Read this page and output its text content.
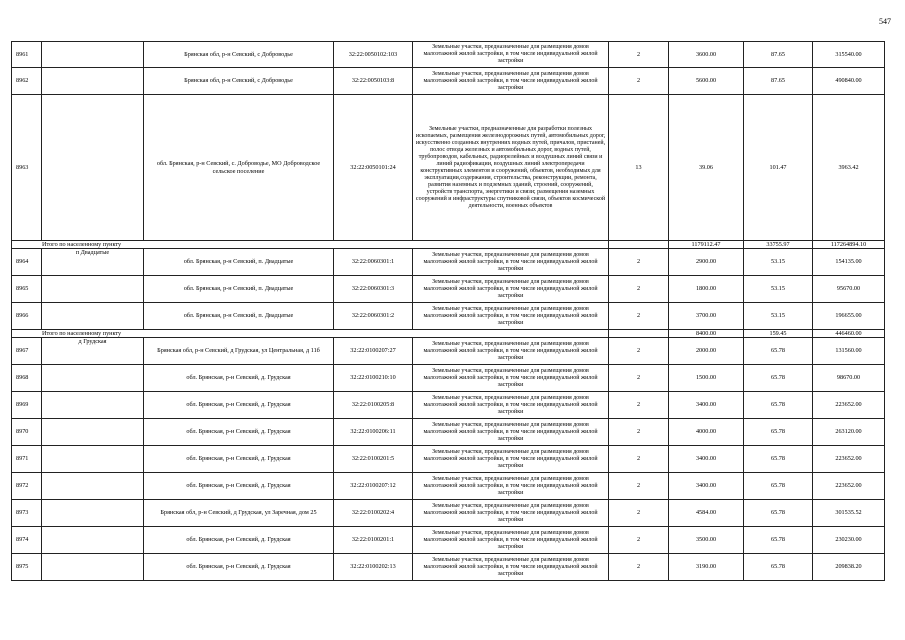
547
8961		Брянская обл, р-н Севский, с Доброводье	32:22:0050102:103	Земельные участки, предназначенные для размещения домов малоэтажной жилой застройки, в том числе индивидуальной жилой застройки	2	3600.00	87.65	315540.00
8962		Брянская обл, р-н Севский, с Доброводье	32:22:0050103:8	Земельные участки, предназначенные для размещения домов малоэтажной жилой застройки, в том числе индивидуальной жилой застройки	2	5600.00	87.65	490840.00
8963		обл. Брянская, р-н Севский, с. Доброводье, МО Доброводское сельское поселение	32:22:0050101:24	Земельные участки, предназначенные для разработки полезных ископаемых, размещения железнодорожных путей, автомобильных дорог, искусственно созданных внутренних водных путей, причалов, пристаней, полос отвода железных и автомобильных дорог, водных путей, трубопроводов, кабельных, радиорелейных и воздушных линий связи и линий радиофикации, воздушных линий электропередачи конструктивных элементов и сооружений, объектов, необходимых для эксплуатации,содержания, строительства, реконструкции, ремонта, развития наземных и подземных зданий, строений, сооружений, устройств транспорта, энергетики и связи; размещения наземных сооружений и инфраструктуры спутниковой связи, объектов космической деятельности, военных объектов	13	39.06	101.47	3963.42
Итого по населенному пункту						1179112.47	33755.97	117264894.10
8964	п Двадцатые	обл. Брянская, р-н Севский, п. Двадцатые	32:22:0060301:1	Земельные участки, предназначенные для размещения домов малоэтажной жилой застройки, в том числе индивидуальной жилой застройки	2	2900.00	53.15	154135.00
8965		обл. Брянская, р-н Севский, п. Двадцатые	32:22:0060301:3	Земельные участки, предназначенные для размещения домов малоэтажной жилой застройки, в том числе индивидуальной жилой застройки	2	1800.00	53.15	95670.00
8966		обл. Брянская, р-н Севский, п. Двадцатые	32:22:0060301:2	Земельные участки, предназначенные для размещения домов малоэтажной жилой застройки, в том числе индивидуальной жилой застройки	2	3700.00	53.15	196655.00
Итого по населенному пункту						8400.00	159.45	446460.00
8967	д Грудская	Брянская обл, р-н Севский, д Грудская, ул Центральная, д 11б	32:22:0100207:27	Земельные участки, предназначенные для размещения домов малоэтажной жилой застройки, в том числе индивидуальной жилой застройки	2	2000.00	65.78	131560.00
8968		обл. Брянская, р-н Севский, д. Грудская	32:22:0100210:10	Земельные участки, предназначенные для размещения домов малоэтажной жилой застройки, в том числе индивидуальной жилой застройки	2	1500.00	65.78	98670.00
8969		обл. Брянская, р-н Севский, д. Грудская	32:22:0100205:8	Земельные участки, предназначенные для размещения домов малоэтажной жилой застройки, в том числе индивидуальной жилой застройки	2	3400.00	65.78	223652.00
8970		обл. Брянская, р-н Севский, д. Грудская	32:22:0100206:11	Земельные участки, предназначенные для размещения домов малоэтажной жилой застройки, в том числе индивидуальной жилой застройки	2	4000.00	65.78	263120.00
8971		обл. Брянская, р-н Севский, д. Грудская	32:22:0100201:5	Земельные участки, предназначенные для размещения домов малоэтажной жилой застройки, в том числе индивидуальной жилой застройки	2	3400.00	65.78	223652.00
8972		обл. Брянская, р-н Севский, д. Грудская	32:22:0100207:12	Земельные участки, предназначенные для размещения домов малоэтажной жилой застройки, в том числе индивидуальной жилой застройки	2	3400.00	65.78	223652.00
8973		Брянская обл, р-н Севский, д Грудская, ул Заречная, дом 25	32:22:0100202:4	Земельные участки, предназначенные для размещения домов малоэтажной жилой застройки, в том числе индивидуальной жилой застройки	2	4584.00	65.78	301535.52
8974		обл. Брянская, р-н Севский, д. Грудская	32:22:0100201:1	Земельные участки, предназначенные для размещения домов малоэтажной жилой застройки, в том числе индивидуальной жилой застройки	2	3500.00	65.78	230230.00
8975		обл. Брянская, р-н Севский, д. Грудская	32:22:0100202:13	Земельные участки, предназначенные для размещения домов малоэтажной жилой застройки, в том числе индивидуальной жилой застройки	2	3190.00	65.78	209838.20
